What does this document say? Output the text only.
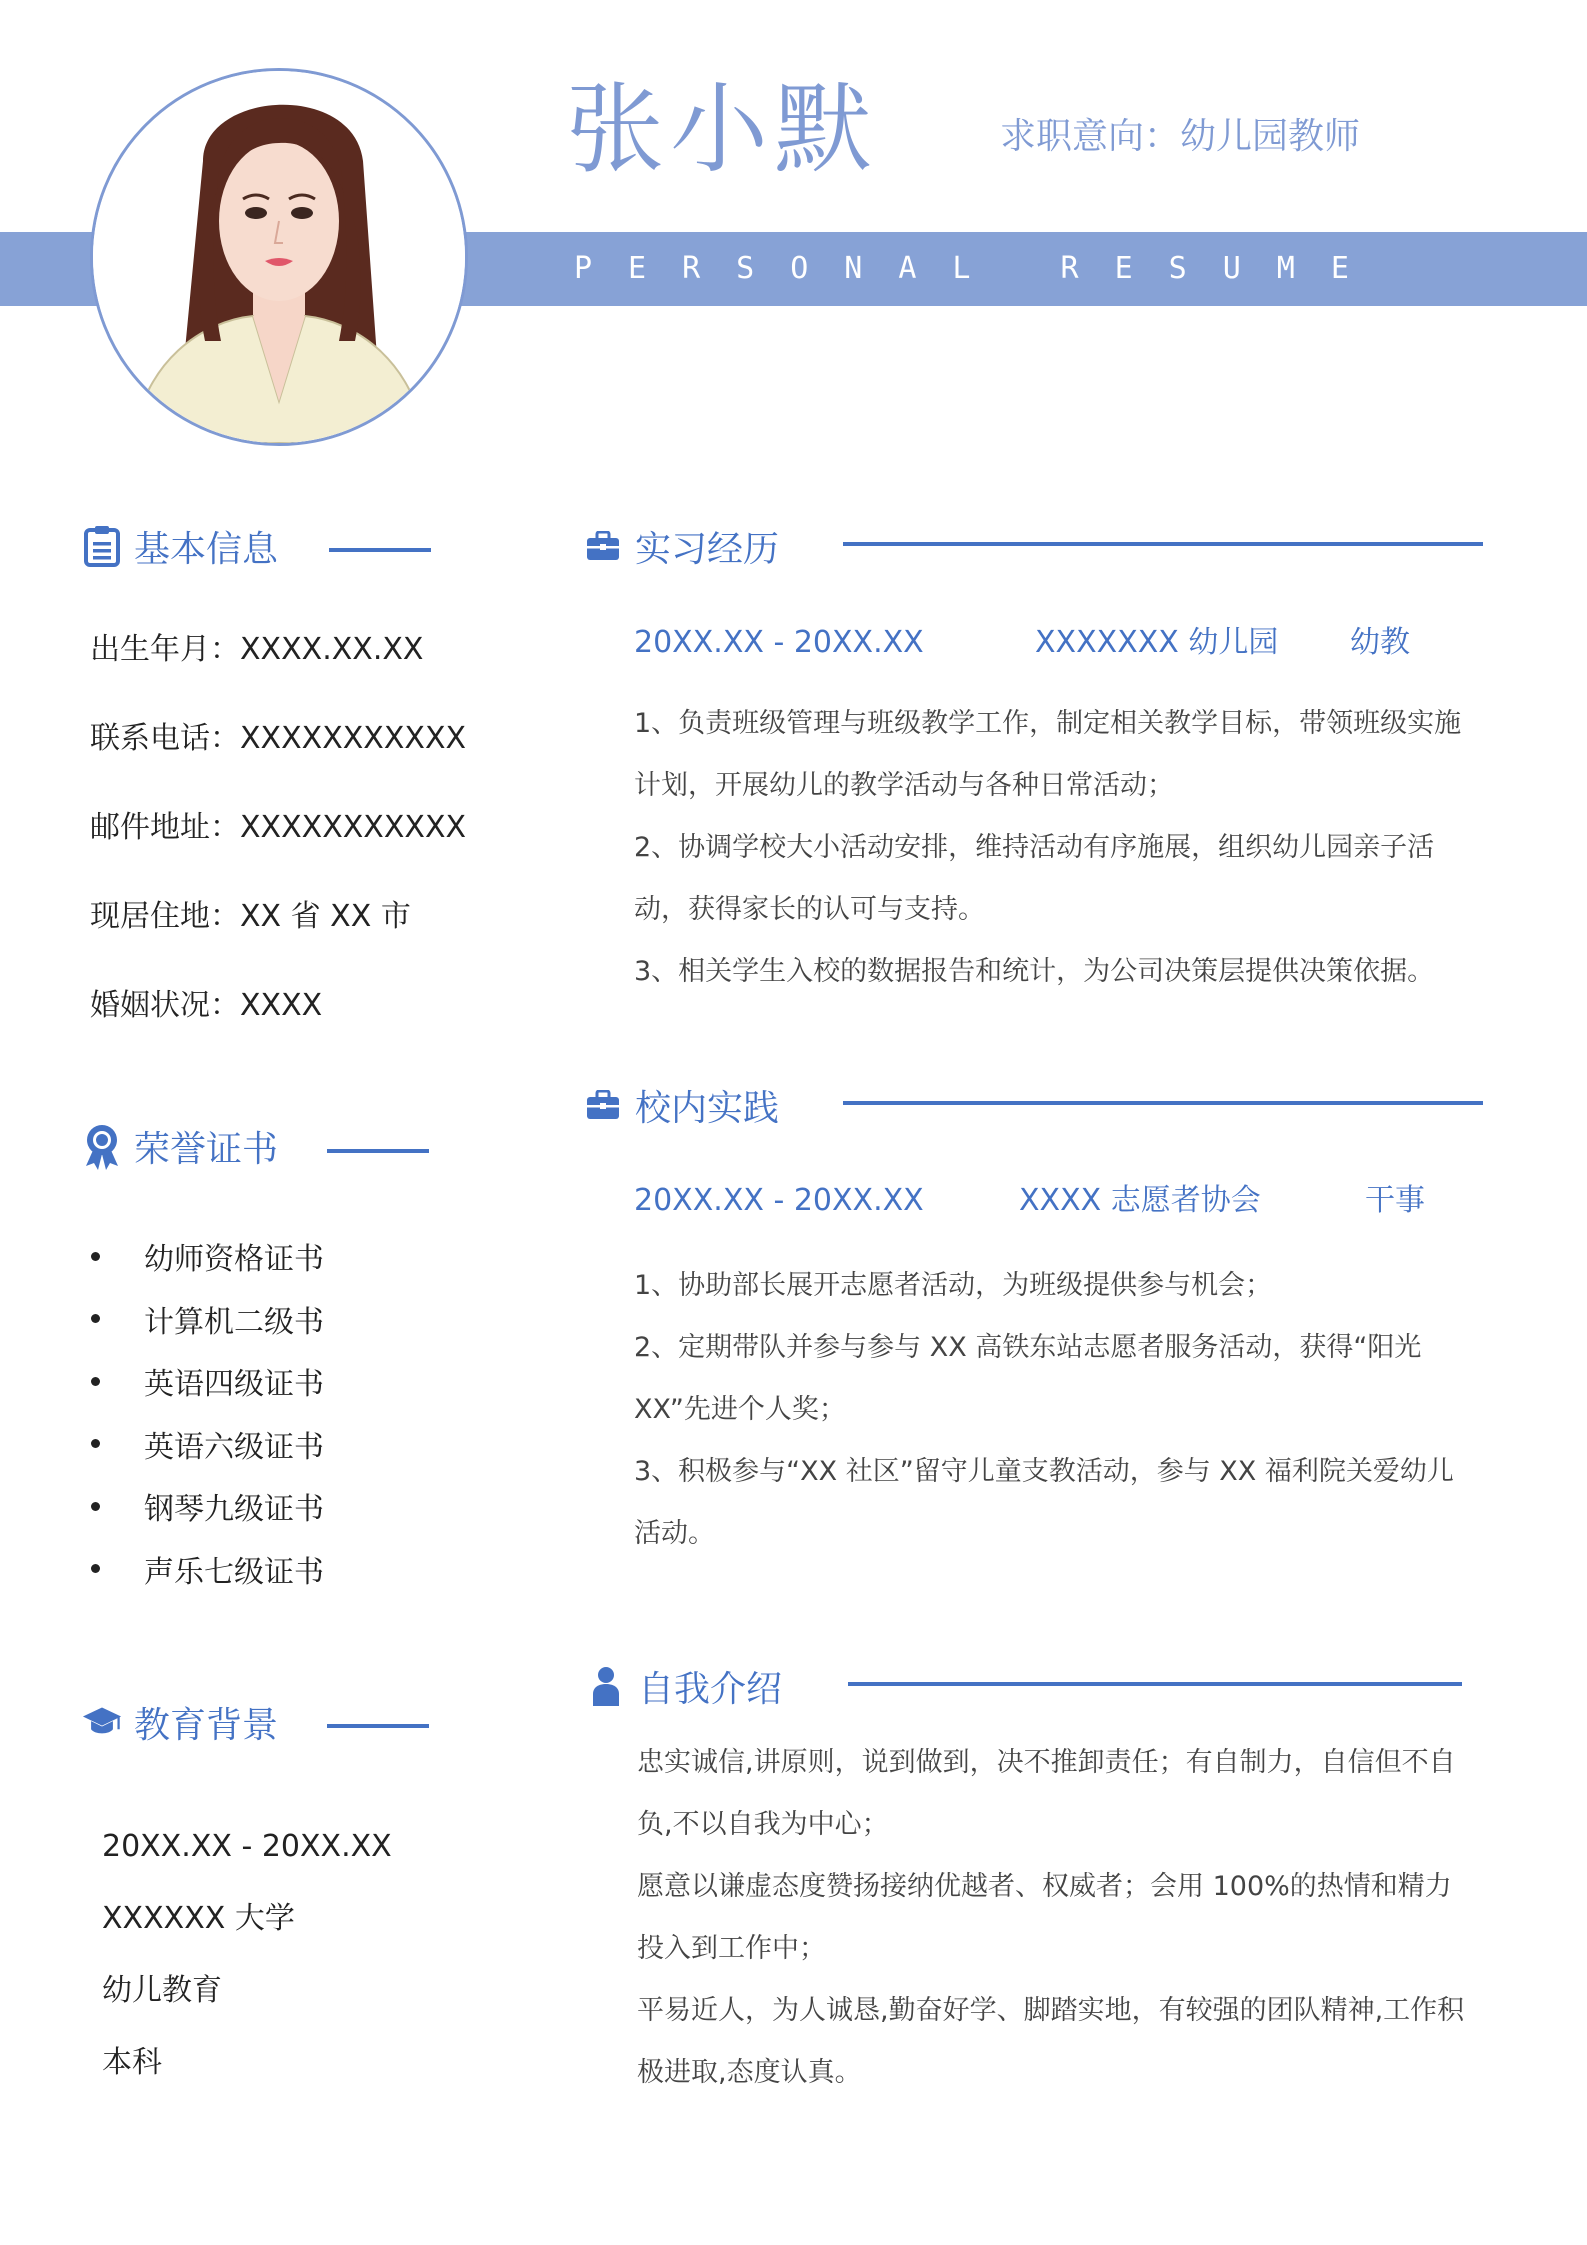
PERSONAL RESUME
张小默	求职意向：幼儿园教师
基本信息
出生年月：XXXX.XX.XX
联系电话：XXXXXXXXXXX
邮件地址：XXXXXXXXXXX
现居住地：XX 省 XX 市
婚姻状况：XXXX
荣誉证书
幼师资格证书
计算机二级书
英语四级证书
英语六级证书
钢琴九级证书
声乐七级证书
教育背景
20XX.XX - 20XX.XX
XXXXXX 大学
幼儿教育
本科
实习经历
20XX.XX - 20XX.XX	XXXXXXX 幼儿园 幼教

1、负责班级管理与班级教学工作，制定相关教学目标，带领班级实施计划，开展幼儿的教学活动与各种日常活动；

2、协调学校大小活动安排，维持活动有序施展，组织幼儿园亲子活动，获得家长的认可与支持。

3、相关学生入校的数据报告和统计，为公司决策层提供决策依据。

校内实践
20XX.XX - 20XX.XX	XXXX 志愿者协会	干事

1、协助部长展开志愿者活动，为班级提供参与机会；

2、定期带队并参与参与 XX 高铁东站志愿者服务活动，获得“阳光 XX”先进个人奖；

3、积极参与“XX 社区”留守儿童支教活动，参与 XX 福利院关爱幼儿活动。

自我介绍

忠实诚信,讲原则，说到做到，决不推卸责任；有自制力，自信但不自负,不以自我为中心；

愿意以谦虚态度赞扬接纳优越者、权威者；会用 100%的热情和精力投入到工作中；

平易近人，为人诚恳,勤奋好学、脚踏实地，有较强的团队精神,工作积极进取,态度认真。
